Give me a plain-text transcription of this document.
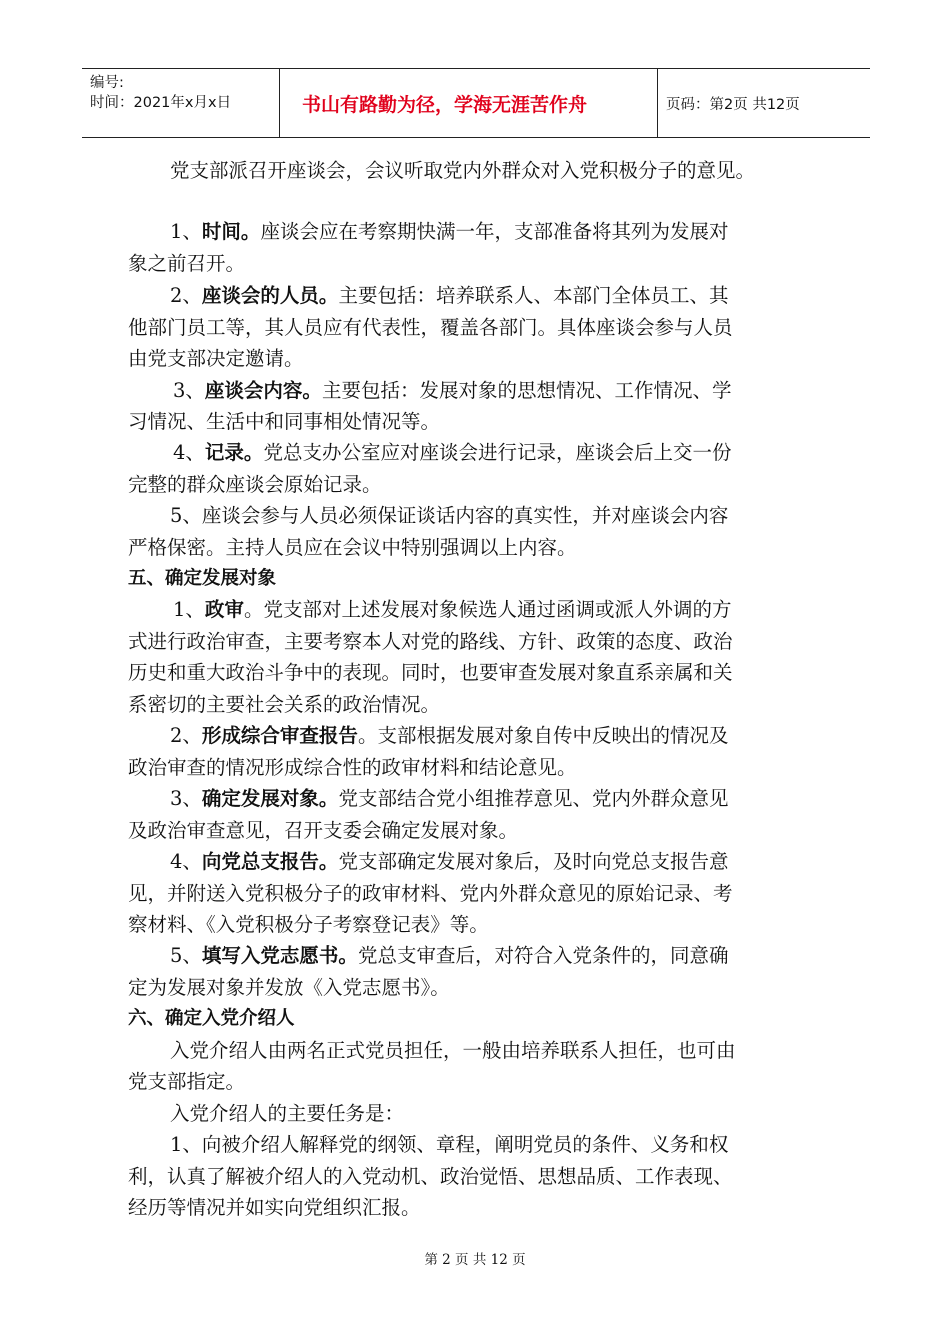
编号:
时间：2021年x月x日	书山有路勤为径，学海无涯苦作舟	页码：第2页 共12页
党支部派召开座谈会，会议听取党内外群众对入党积极分子的意见。
1、时间。座谈会应在考察期快满一年，支部准备将其列为发展对
象之前召开。
2、座谈会的人员。主要包括：培养联系人、本部门全体员工、其
他部门员工等，其人员应有代表性，覆盖各部门。具体座谈会参与人员
由党支部决定邀请。
3、座谈会内容。主要包括：发展对象的思想情况、工作情况、学
习情况、生活中和同事相处情况等。
4、记录。党总支办公室应对座谈会进行记录，座谈会后上交一份
完整的群众座谈会原始记录。
5、座谈会参与人员必须保证谈话内容的真实性，并对座谈会内容
严格保密。主持人员应在会议中特别强调以上内容。
五、确定发展对象
1、政审。党支部对上述发展对象候选人通过函调或派人外调的方
式进行政治审查，主要考察本人对党的路线、方针、政策的态度、政治
历史和重大政治斗争中的表现。同时，也要审查发展对象直系亲属和关
系密切的主要社会关系的政治情况。
2、形成综合审查报告。支部根据发展对象自传中反映出的情况及
政治审查的情况形成综合性的政审材料和结论意见。
3、确定发展对象。党支部结合党小组推荐意见、党内外群众意见
及政治审查意见，召开支委会确定发展对象。
4、向党总支报告。党支部确定发展对象后，及时向党总支报告意
见，并附送入党积极分子的政审材料、党内外群众意见的原始记录、考
察材料、《入党积极分子考察登记表》等。
5、填写入党志愿书。党总支审查后，对符合入党条件的，同意确
定为发展对象并发放《入党志愿书》。
六、确定入党介绍人
入党介绍人由两名正式党员担任，一般由培养联系人担任，也可由
党支部指定。
入党介绍人的主要任务是：
1、向被介绍人解释党的纲领、章程，阐明党员的条件、义务和权
利，认真了解被介绍人的入党动机、政治觉悟、思想品质、工作表现、
经历等情况并如实向党组织汇报。
第 2 页 共 12 页
